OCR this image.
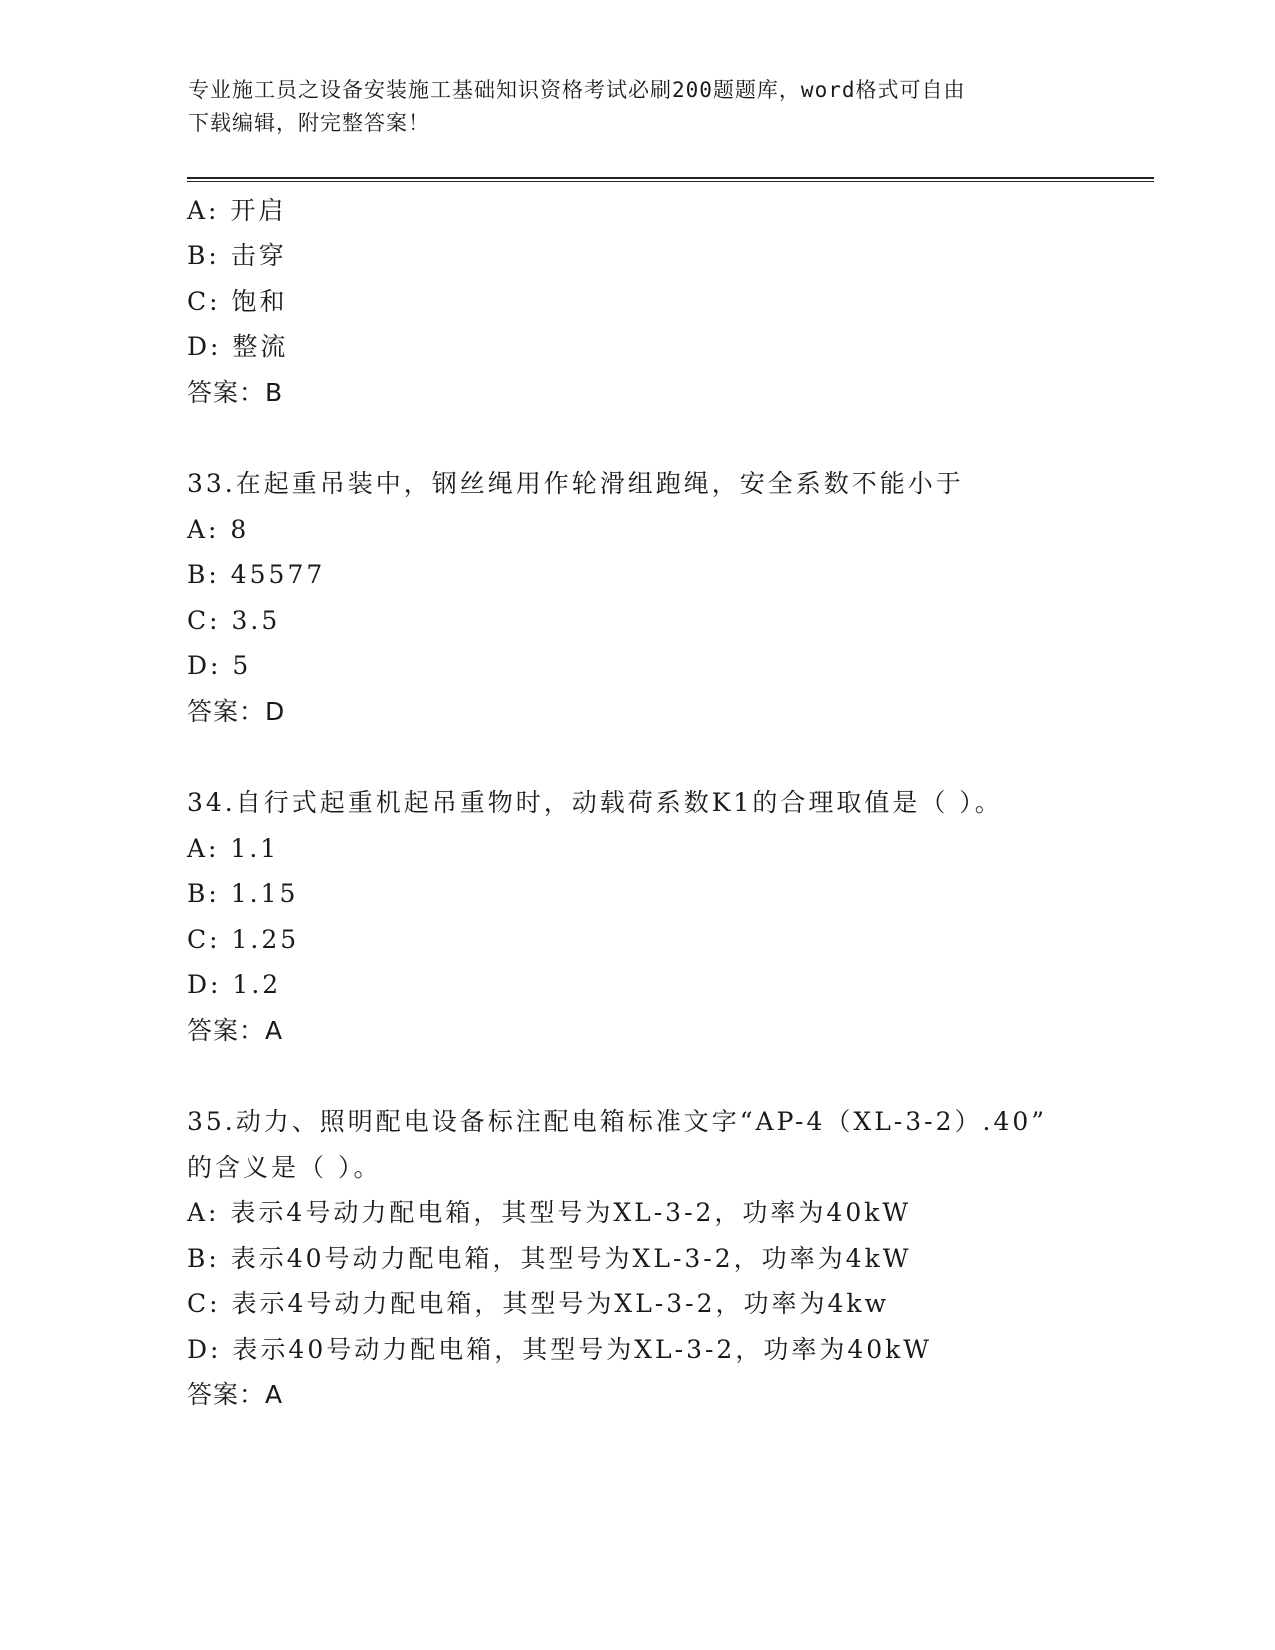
专业施工员之设备安装施工基础知识资格考试必刷200题题库，word格式可自由
下载编辑，附完整答案！
A: 开启
B: 击穿
C: 饱和
D: 整流
答案：B
33.在起重吊装中，钢丝绳用作轮滑组跑绳，安全系数不能小于
A: 8
B: 45577
C: 3.5
D: 5
答案：D
34.自行式起重机起吊重物时，动载荷系数K1的合理取值是（ ）。
A: 1.1
B: 1.15
C: 1.25
D: 1.2
答案：A
35.动力、照明配电设备标注配电箱标准文字“AP-4（XL-3-2）.40”
的含义是（ ）。
A: 表示4号动力配电箱，其型号为XL-3-2，功率为40kW
B: 表示40号动力配电箱，其型号为XL-3-2，功率为4kW
C: 表示4号动力配电箱，其型号为XL-3-2，功率为4kw
D: 表示40号动力配电箱，其型号为XL-3-2，功率为40kW
答案：A
